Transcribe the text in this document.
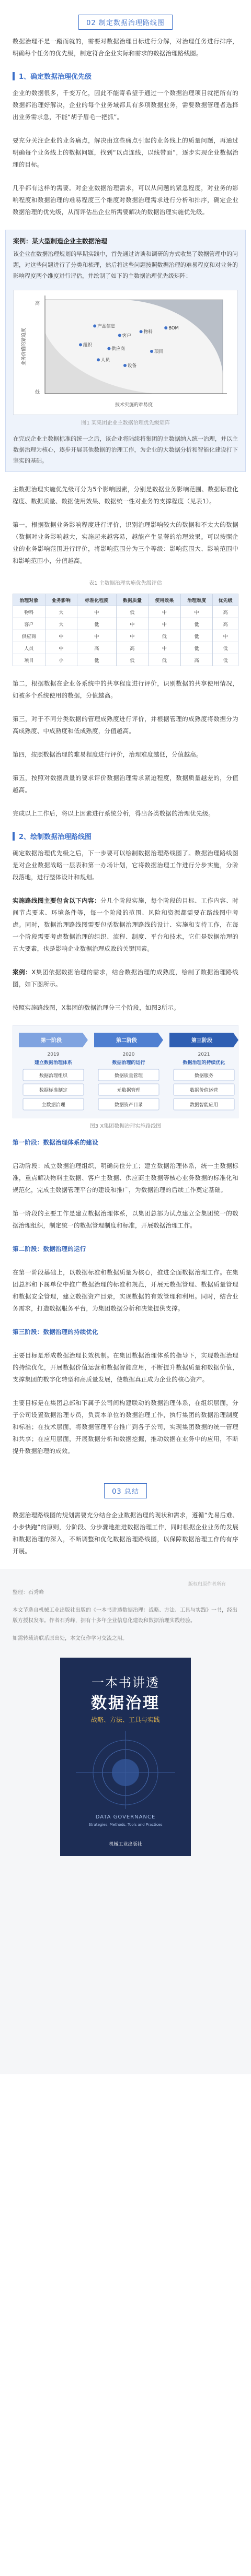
02 制定数据治理路线图

数据治理不是一蹴而就的，需要对数据治理目标进行分解，对治理任务进行排序，明确每个任务的优先级，制定符合企业实际和需求的数据治理路线图。

1、确定数据治理优先级

企业的数据很多，千变万化，因此不能寄希望于通过一个数据治理项目就把所有的数据都治理好解决，企业的每个业务域都具有多项数据业务，需要数据管理者选择出业务需求急，不能“胡子眉毛一把抓”。

要充分关注企业的业务痛点，解决由这些痛点引起的业务线上的质量问题，再通过明确每个业务线上的数据问题，找到“以点连线，以线带面”，逐步实现企业数据治理的目标。

几乎都有这样的需要。对企业数据治理需求，可以从问题的紧急程度，对业务的影响程度和数据治理的难易程度三个维度对数据治理需求进行分析和排序，确定企业数据治理的优先级，从而评估出企业所需要解决的数据治理实施优先级。

案例：某大型制造企业主数据治理
该企业在数据治理规划的早期实践中，首先通过访谈和调研的方式收集了数据管理中的问题，对这些问题进行了分类和梳理，然后将这些问题按照数据治理的难易程度和对业务的影响程度两个维度进行评估，并绘制了如下的主数据治理优先级矩阵：
技术实施的难易度
业务价值的紧迫度
高
低
产品信息
客户
BOM
物料
供应商
人员
项目
设备
组织
图1 某集团企业主数据治理优先级矩阵
在完成企业主数据标准的统一之后，该企业将陆续将集团的主数据纳入统一治理，并以主数据治理为核心，逐步开展其他数据的治理工作，为企业的大数据分析和智能化建设打下坚实的基础。

主数据治理实施优先级可分为5个影响因素，分别是数据业务影响范围、数据标准化程度、数据质量、数据使用效果、数据统一性对业务的支撑程度（见表1）。

第一，根据数据业务影响程度进行评价，识别治理影响较大的数据和不太大的数据（数据对业务影响越大，实施起来越容易，越能产生显著的治理效果。可以按照企业的业务影响范围进行评价，将影响范围分为三个等级：影响范围大、影响范围中和影响范围小，分值越高。

表1 主数据治理实施优先级评估
治理对象	业务影响	标准化程度	数据质量	使用效果	治理难度	优先级
物料	大	中	低	中	中	高
客户	大	低	中	中	低	高
供应商	中	中	中	低	低	中
人员	中	高	高	中	低	低
项目	小	低	低	低	高	低

第二，根据数据在企业各系统中的共享程度进行评价，识别数据的共享使用情况，如被多个系统使用的数据，分值越高。

第三，对于不同分类数据的管理成熟度进行评价，并根据管理的成熟度将数据分为高成熟度、中成熟度和低成熟度，分值越高。

第四，按照数据治理的难易程度进行评价，治理难度越低，分值越高。

第五，按照对数据质量的要求评价数据治理需求紧迫程度，数据质量越差的，分值越高。

完成以上工作后，将以上因素进行系统分析，得出各类数据的治理优先级。

2、绘制数据治理路线图

确定数据治理优先级之后，下一步要可以绘制数据治理路线图了。数据治理路线图是对企业数据战略一层表和第一办场计划，它将数据治理工作进行分步实施，分阶段落地，进行整体设计和规划。

实施路线图主要包含以下内容：分几个阶段实施，每个阶段的目标、工作内容、时间节点要求、环境条件等，每一个阶段的范围、风险和资源都需要在路线图中考虑。同时，数据治理路线图需要包括数据治理路线的设计、实施和支持工作，在每一个阶段需要考虑数据治理的组织、流程、制度、平台和技术，它们是数据治理的五大要素，也是影响企业数据治理成败的关键因素。

案例：X集团依据数据治理的需求，结合数据治理的成熟度，绘制了数据治理路线图，如下图所示。

按照实施路线图，X集团的数据治理分三个阶段，如图3所示。

第一阶段
2019
建立数据治理体系
数据治理组织
数据标准制定
主数据治理
第二阶段
2020
数据治理的运行
数据质量管理
元数据管理
数据资产目录
第三阶段
2021
数据治理的持续优化
数据服务
数据价值运营
数据智能应用
图3 X集团数据治理实施路线图

第一阶段：数据治理体系的建设

启动阶段：成立数据治理组织，明确岗位分工；建立数据治理体系，统一主数据标准，重点解决物料主数据、客户主数据、供应商主数据等核心业务数据的标准化和规范化，完成主数据管理平台的建设和推广，为数据治理的后续工作奠定基础。

第一阶段的主要工作是建立数据治理体系，以集团总部为试点建立全集团统一的数据治理组织，制定统一的数据管理制度和标准，开展数据治理工作。

第二阶段：数据治理的运行

在第一阶段基础上，以数据标准和数据质量为核心，推进全面数据治理工作。在集团总部和下属单位中推广数据治理的标准和规范，开展元数据管理、数据质量管理和数据安全管理，建立数据资产目录，实现数据的有效管理和利用。同时，结合业务需求，打造数据服务平台，为集团数据分析和决策提供支撑。

第三阶段：数据治理的持续优化

主要目标是形成数据治理长效机制。在集团数据治理体系的指导下，实现数据治理的持续优化，开展数据价值运营和数据智能应用，不断提升数据质量和数据价值，支撑集团的数字化转型和高质量发展，使数据真正成为企业的核心资产。

主要目标是在集团总部和下属子公司间构建联动的数据治理体系，在组织层面，分子公司设置数据治理专员，负责本单位的数据治理工作，执行集团的数据治理制度和标准；在技术层面，将数据管理平台推广到各子公司，实现集团数据的统一管理和共享；在应用层面，开展数据分析和数据挖掘，推动数据在业务中的应用，不断提升数据治理的成效。

03 总结

数据治理路线图的规划需要充分结合企业数据治理的现状和需求，遵循“先易后难、小步快跑”的原则，分阶段、分步骤地推进数据治理工作，同时根据企业业务的发展和数据治理的深入，不断调整和优化数据治理路线图，以保障数据治理工作的有序开展。

版权归原作者所有
整理：石秀峰
本文节选自机械工业出版社出版的《一本书讲透数据治理：战略、方法、工具与实践》一书，经出版方授权发布。作者石秀峰，拥有十多年企业信息化建设和数据治理实践经验。
如需转载请联系原出处，本文仅作学习交流之用。
一本书讲透
数据治理
战略、方法、工具与实践
DATA GOVERNANCE
Strategies, Methods, Tools and Practices
机械工业出版社
